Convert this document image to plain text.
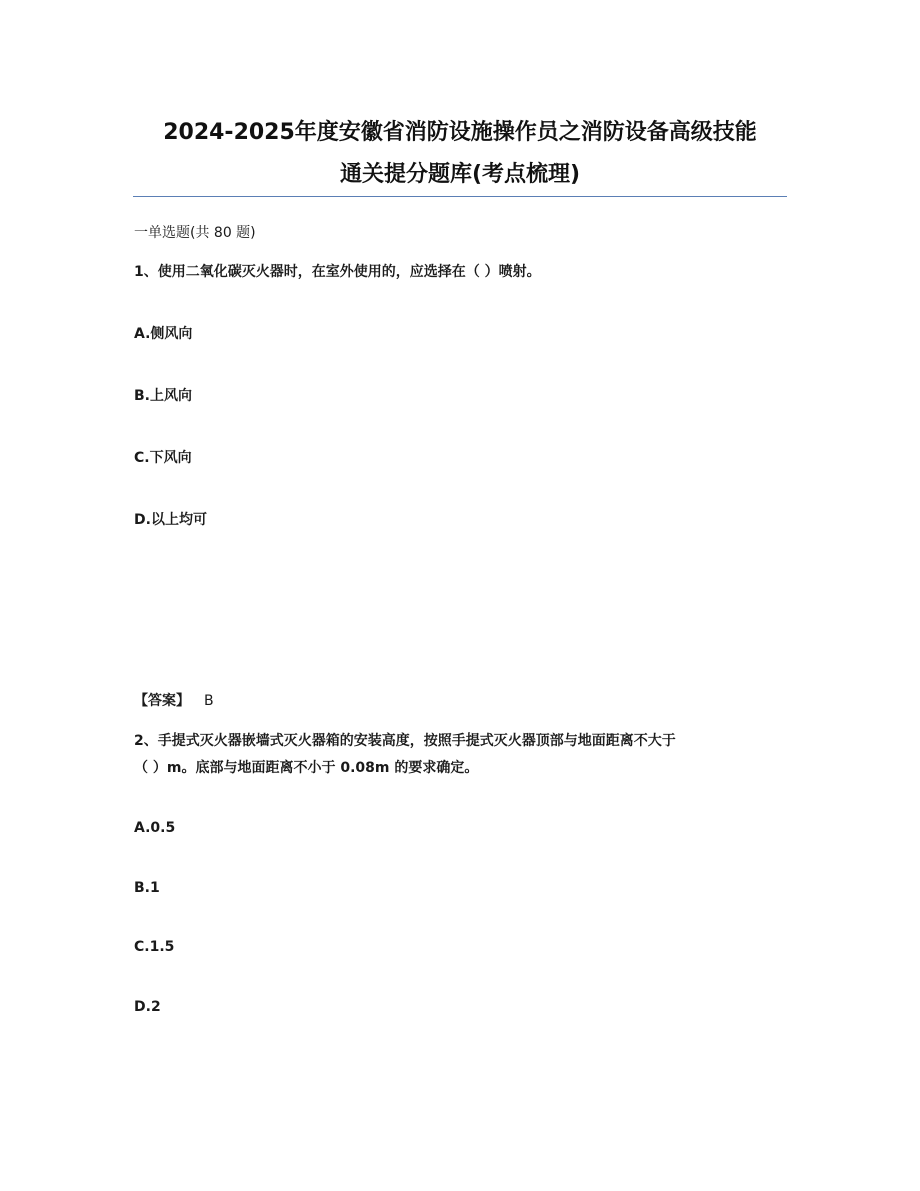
2024-2025年度安徽省消防设施操作员之消防设备高级技能
通关提分题库(考点梳理)
一单选题(共 80 题)
1、使用二氧化碳灭火器时，在室外使用的，应选择在（ ）喷射。
A.侧风向
B.上风向
C.下风向
D.以上均可
【答案】 B
2、手提式灭火器嵌墙式灭火器箱的安装高度，按照手提式灭火器顶部与地面距离不大于
（ ）m。底部与地面距离不小于 0.08m 的要求确定。
A.0.5
B.1
C.1.5
D.2
